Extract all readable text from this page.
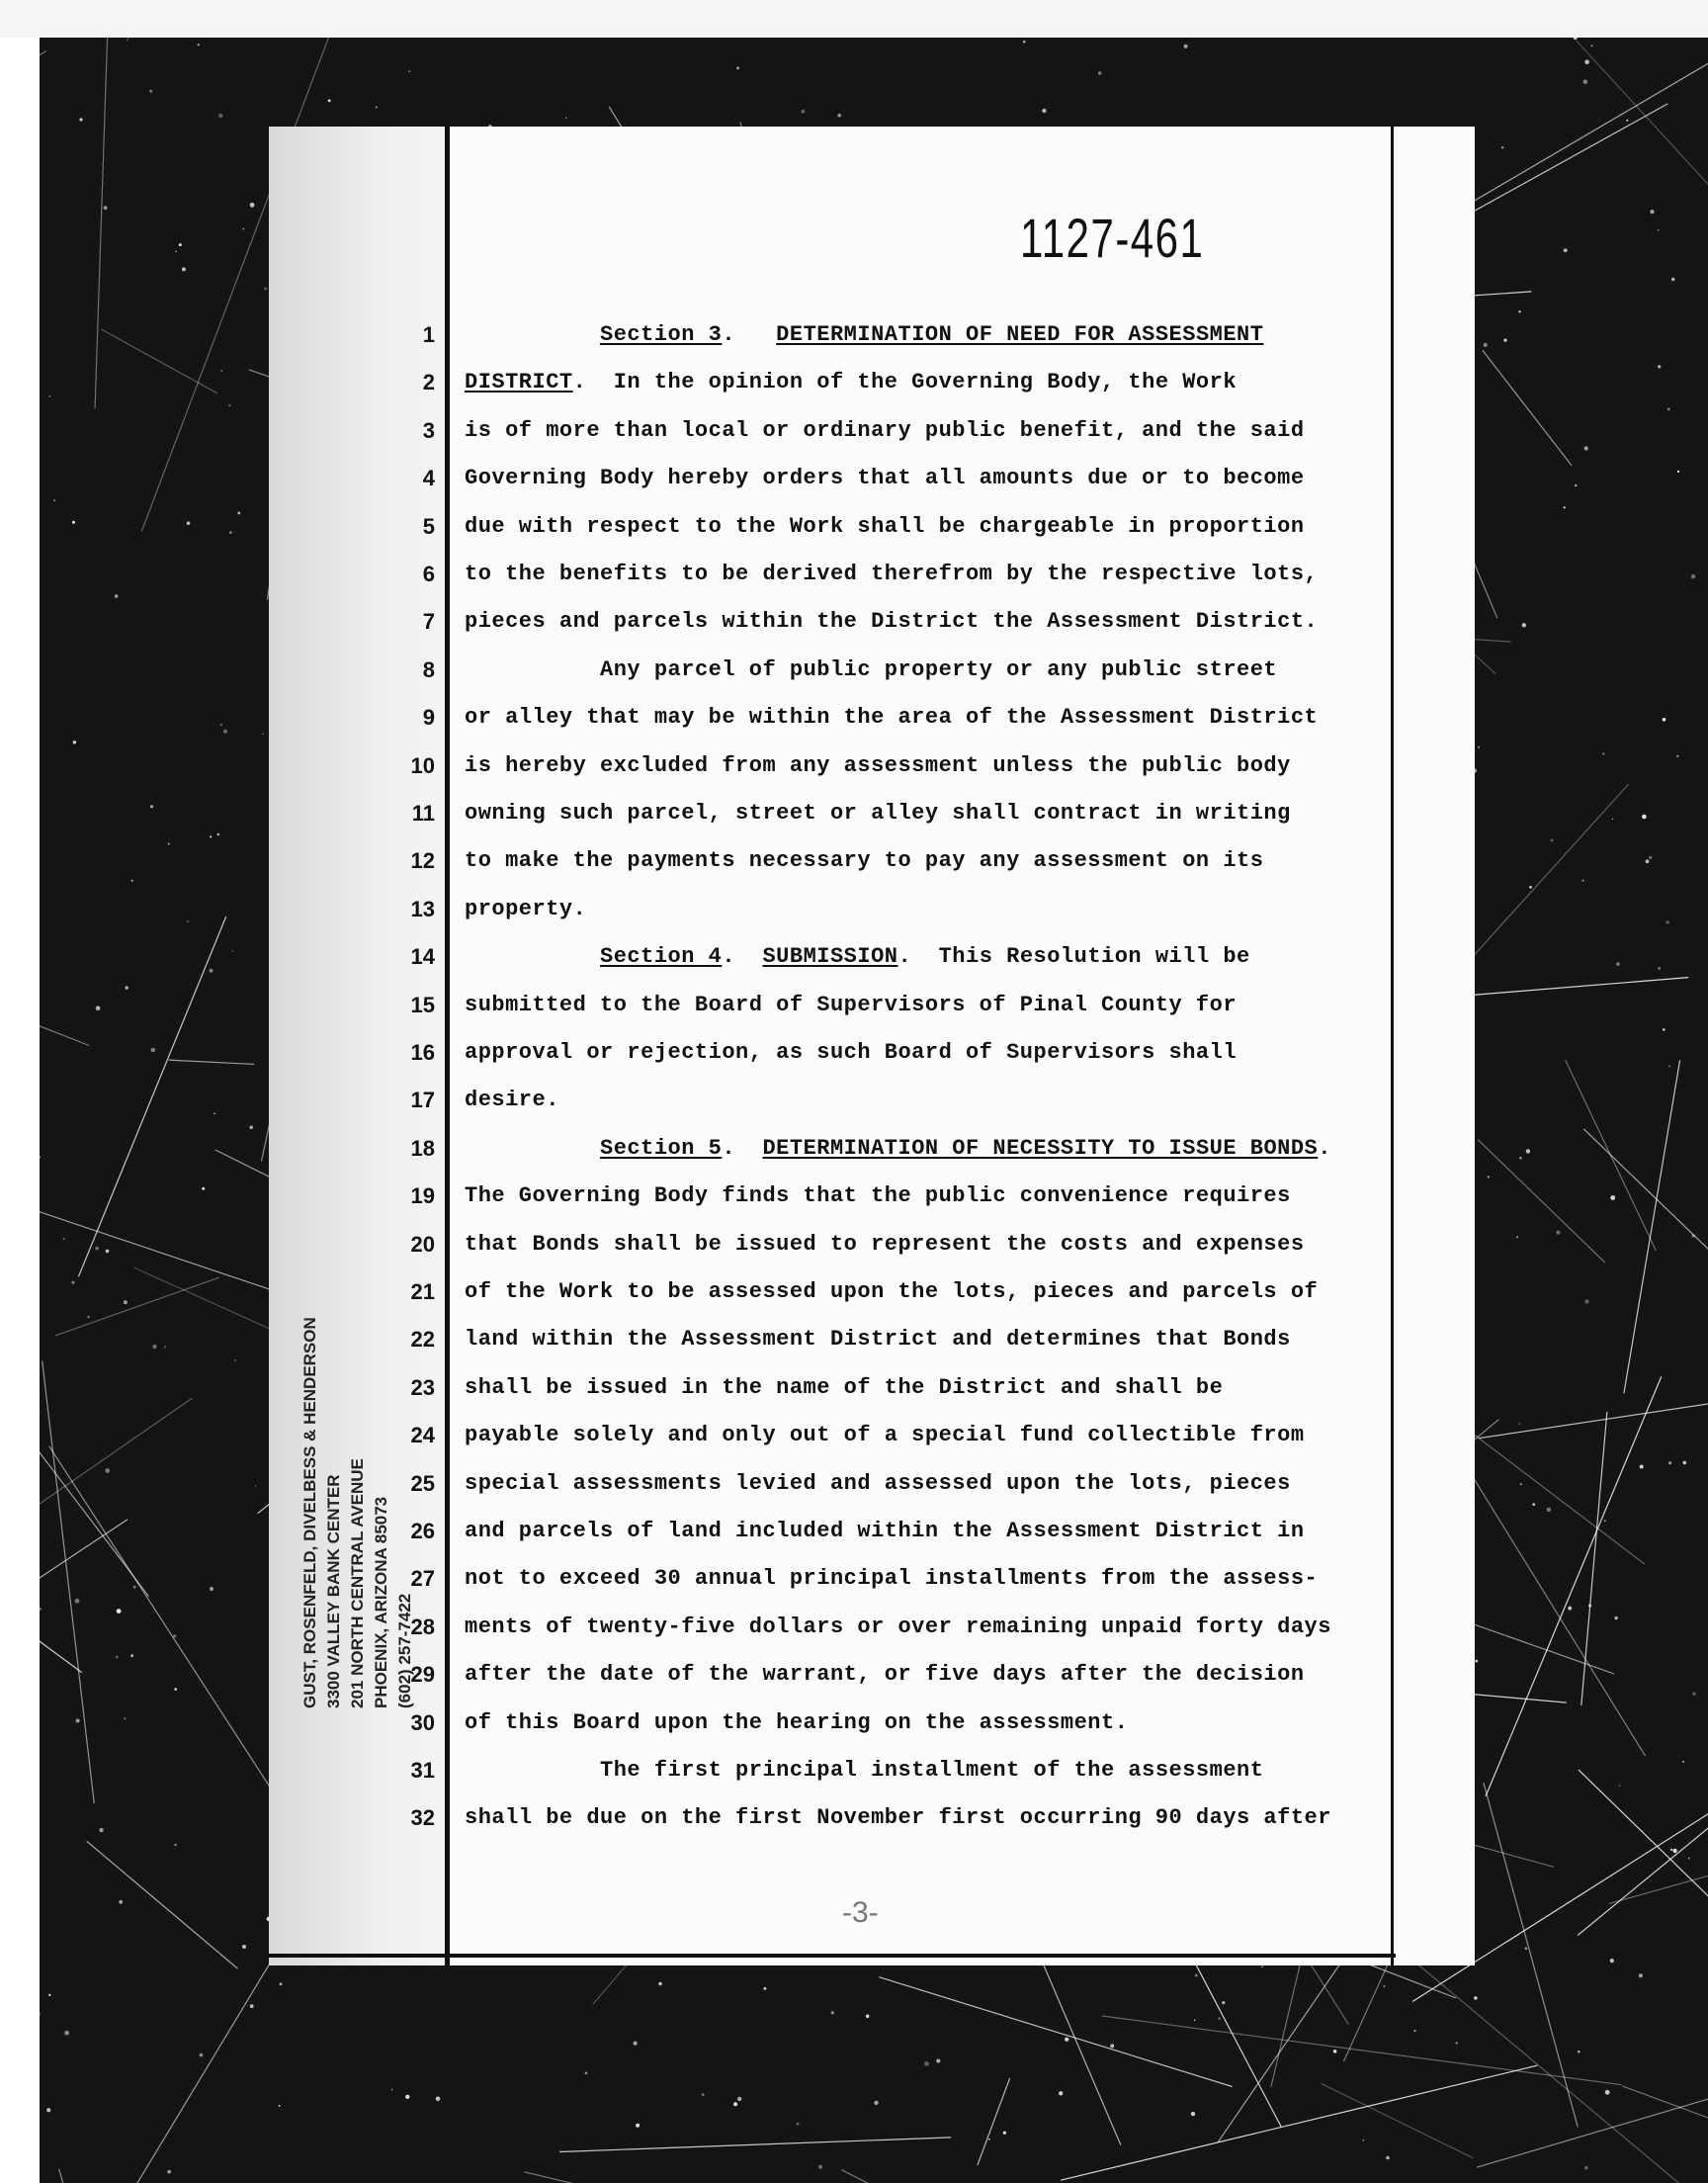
GUST, ROSENFELD, DIVELBESS & HENDERSON 3300 VALLEY BANK CENTER 201 NORTH CENTRAL AVENUE PHOENIX, ARIZONA 85073 (602) 257-7422
1127-461
1
2
3
4
5
6
7
8
9
10
11
12
13
14
15
16
17
18
19
20
21
22
23
24
25
26
27
28
29
30
31
32
Section 3.   DETERMINATION OF NEED FOR ASSESSMENT
DISTRICT.  In the opinion of the Governing Body, the Work
is of more than local or ordinary public benefit, and the said
Governing Body hereby orders that all amounts due or to become
due with respect to the Work shall be chargeable in proportion
to the benefits to be derived therefrom by the respective lots,
pieces and parcels within the District the Assessment District.
Any parcel of public property or any public street
or alley that may be within the area of the Assessment District
is hereby excluded from any assessment unless the public body
owning such parcel, street or alley shall contract in writing
to make the payments necessary to pay any assessment on its
property.
Section 4.  SUBMISSION.  This Resolution will be
submitted to the Board of Supervisors of Pinal County for
approval or rejection, as such Board of Supervisors shall
desire.
Section 5.  DETERMINATION OF NECESSITY TO ISSUE BONDS.
The Governing Body finds that the public convenience requires
that Bonds shall be issued to represent the costs and expenses
of the Work to be assessed upon the lots, pieces and parcels of
land within the Assessment District and determines that Bonds
shall be issued in the name of the District and shall be
payable solely and only out of a special fund collectible from
special assessments levied and assessed upon the lots, pieces
and parcels of land included within the Assessment District in
not to exceed 30 annual principal installments from the assess-
ments of twenty-five dollars or over remaining unpaid forty days
after the date of the warrant, or five days after the decision
of this Board upon the hearing on the assessment.
The first principal installment of the assessment
shall be due on the first November first occurring 90 days after
-3-
